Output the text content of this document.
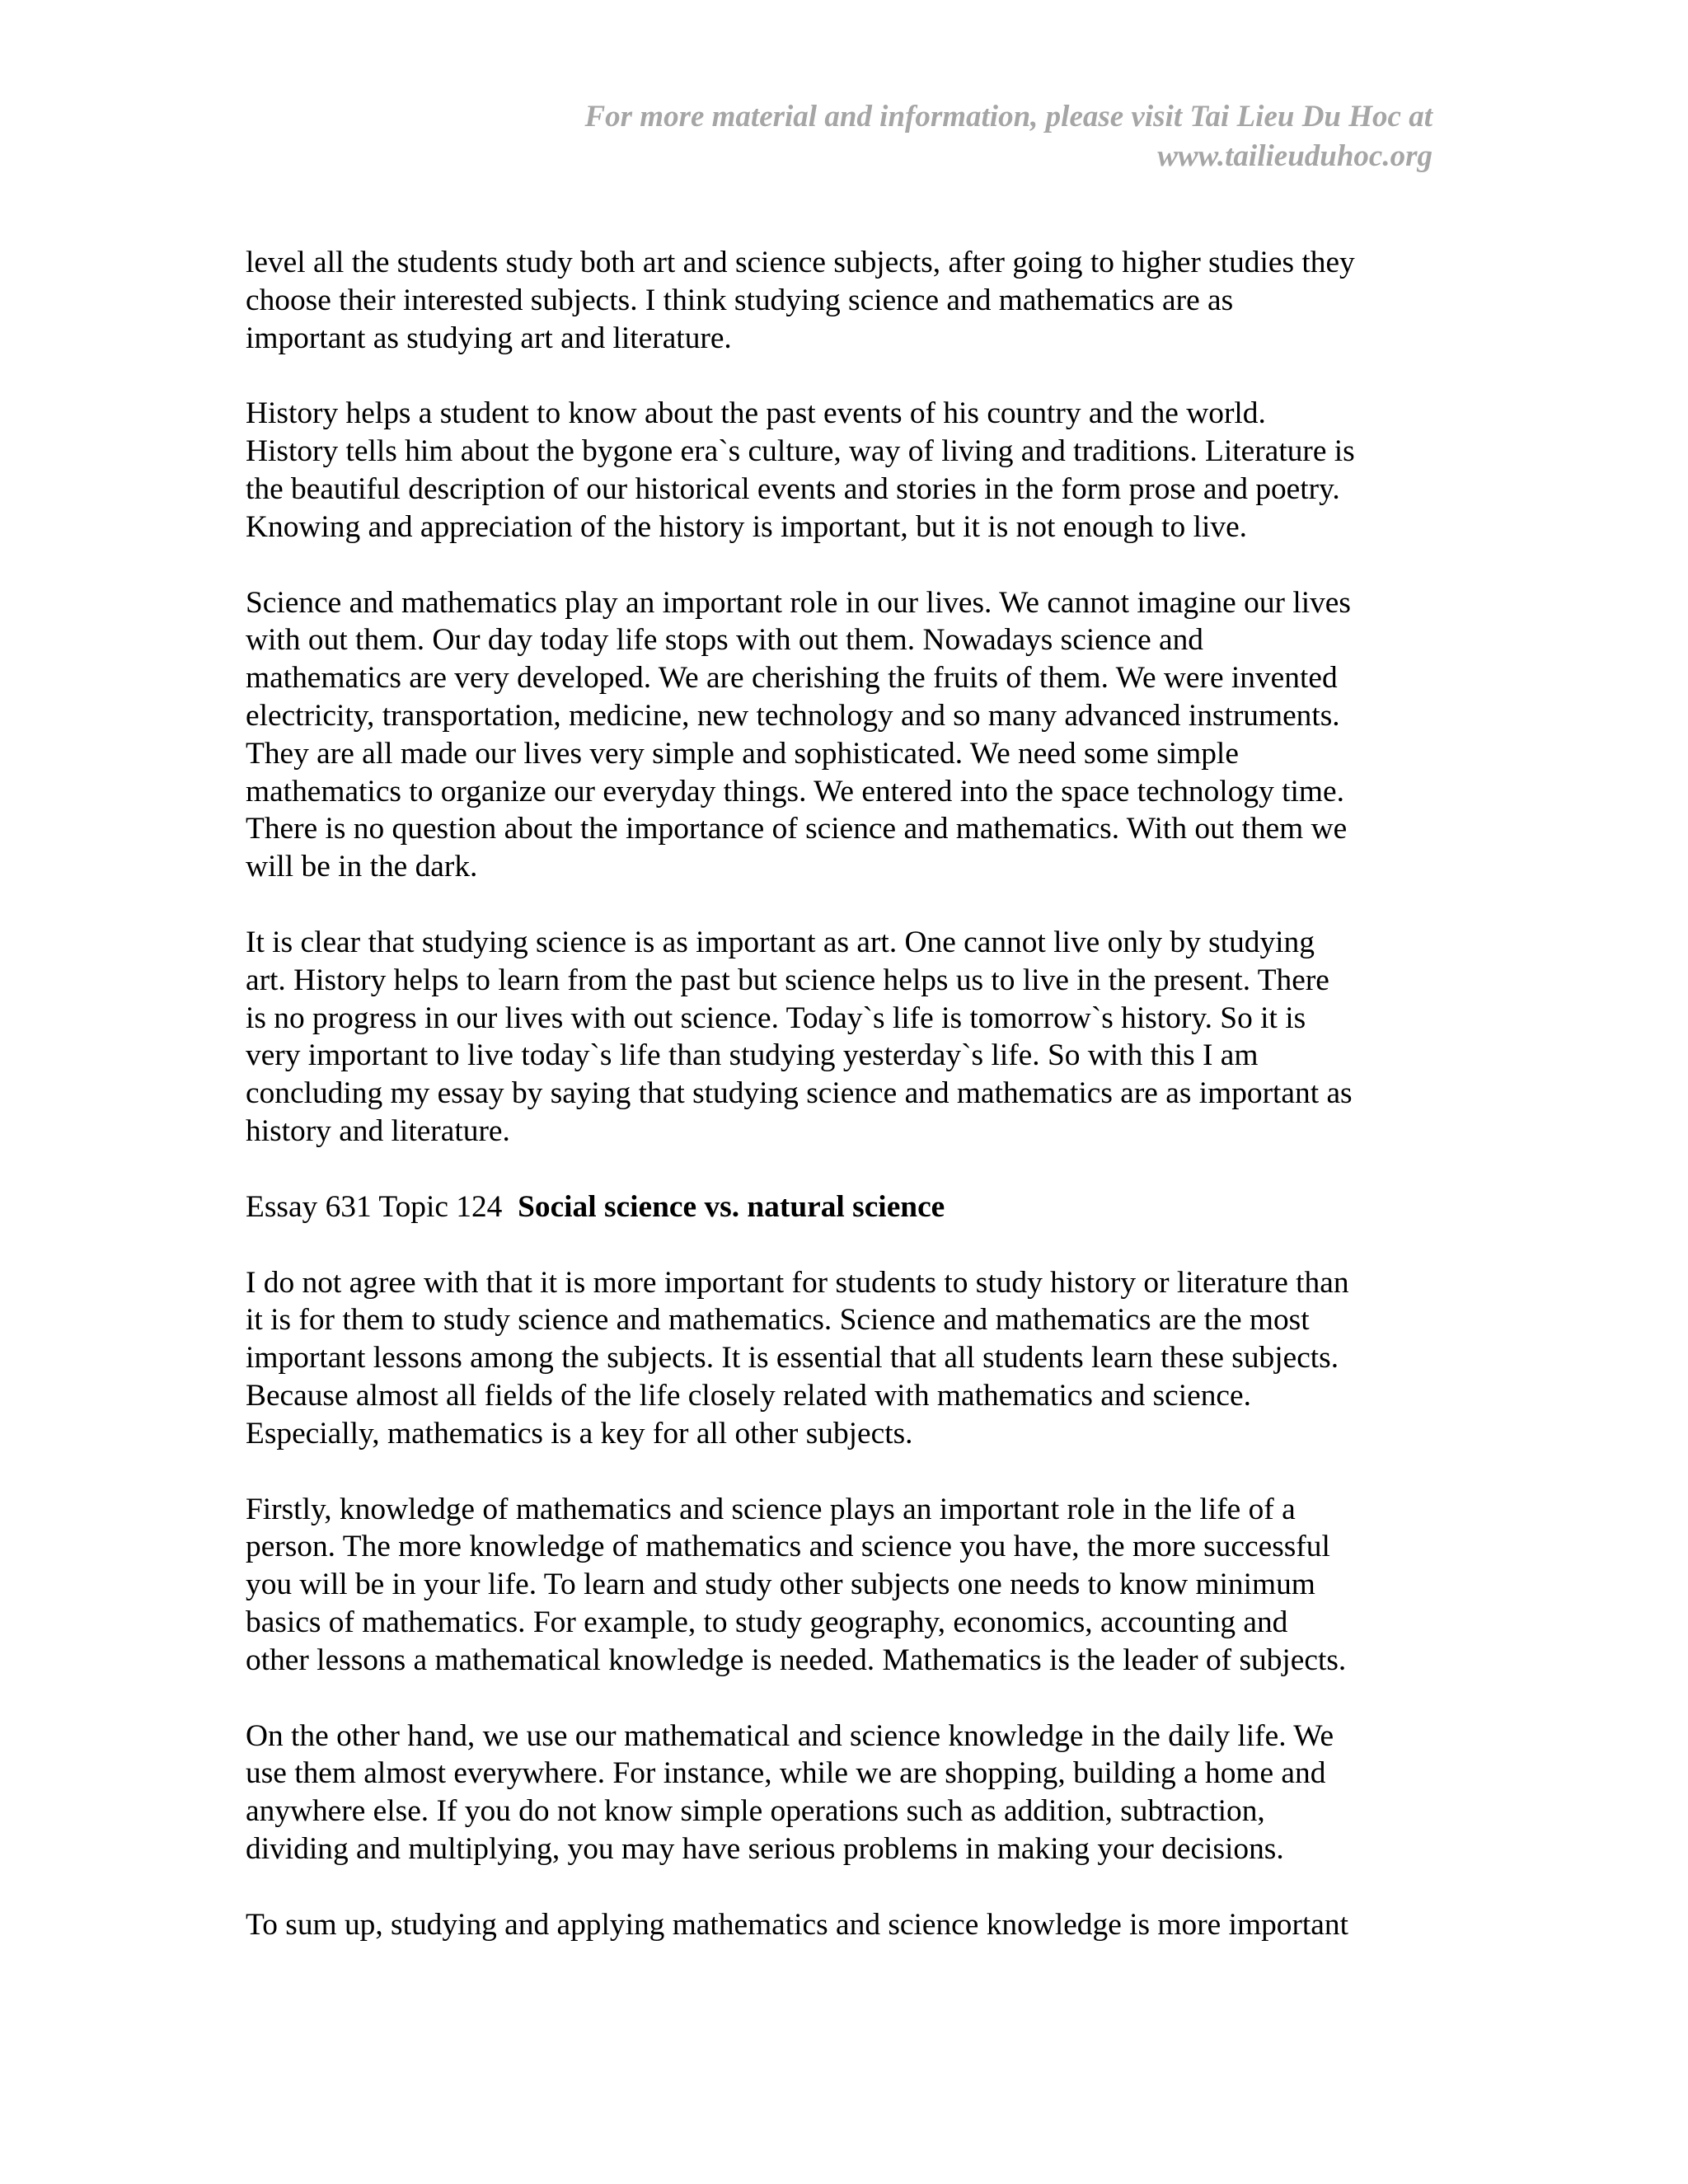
For more material and information, please visit Tai Lieu Du Hoc at
www.tailieuduhoc.org

level all the students study both art and science subjects, after going to higher studies they
choose their interested subjects. I think studying science and mathematics are as
important as studying art and literature.

History helps a student to know about the past events of his country and the world.
History tells him about the bygone era`s culture, way of living and traditions. Literature is
the beautiful description of our historical events and stories in the form prose and poetry.
Knowing and appreciation of the history is important, but it is not enough to live.

Science and mathematics play an important role in our lives. We cannot imagine our lives
with out them. Our day today life stops with out them. Nowadays science and
mathematics are very developed. We are cherishing the fruits of them. We were invented
electricity, transportation, medicine, new technology and so many advanced instruments.
They are all made our lives very simple and sophisticated. We need some simple
mathematics to organize our everyday things. We entered into the space technology time.
There is no question about the importance of science and mathematics. With out them we
will be in the dark.

It is clear that studying science is as important as art. One cannot live only by studying
art. History helps to learn from the past but science helps us to live in the present. There
is no progress in our lives with out science. Today`s life is tomorrow`s history. So it is
very important to live today`s life than studying yesterday`s life. So with this I am
concluding my essay by saying that studying science and mathematics are as important as
history and literature.

Essay 631 Topic 124 Social science vs. natural science

I do not agree with that it is more important for students to study history or literature than
it is for them to study science and mathematics. Science and mathematics are the most
important lessons among the subjects. It is essential that all students learn these subjects.
Because almost all fields of the life closely related with mathematics and science.
Especially, mathematics is a key for all other subjects.

Firstly, knowledge of mathematics and science plays an important role in the life of a
person. The more knowledge of mathematics and science you have, the more successful
you will be in your life. To learn and study other subjects one needs to know minimum
basics of mathematics. For example, to study geography, economics, accounting and
other lessons a mathematical knowledge is needed. Mathematics is the leader of subjects.

On the other hand, we use our mathematical and science knowledge in the daily life. We
use them almost everywhere. For instance, while we are shopping, building a home and
anywhere else. If you do not know simple operations such as addition, subtraction,
dividing and multiplying, you may have serious problems in making your decisions.

To sum up, studying and applying mathematics and science knowledge is more important
